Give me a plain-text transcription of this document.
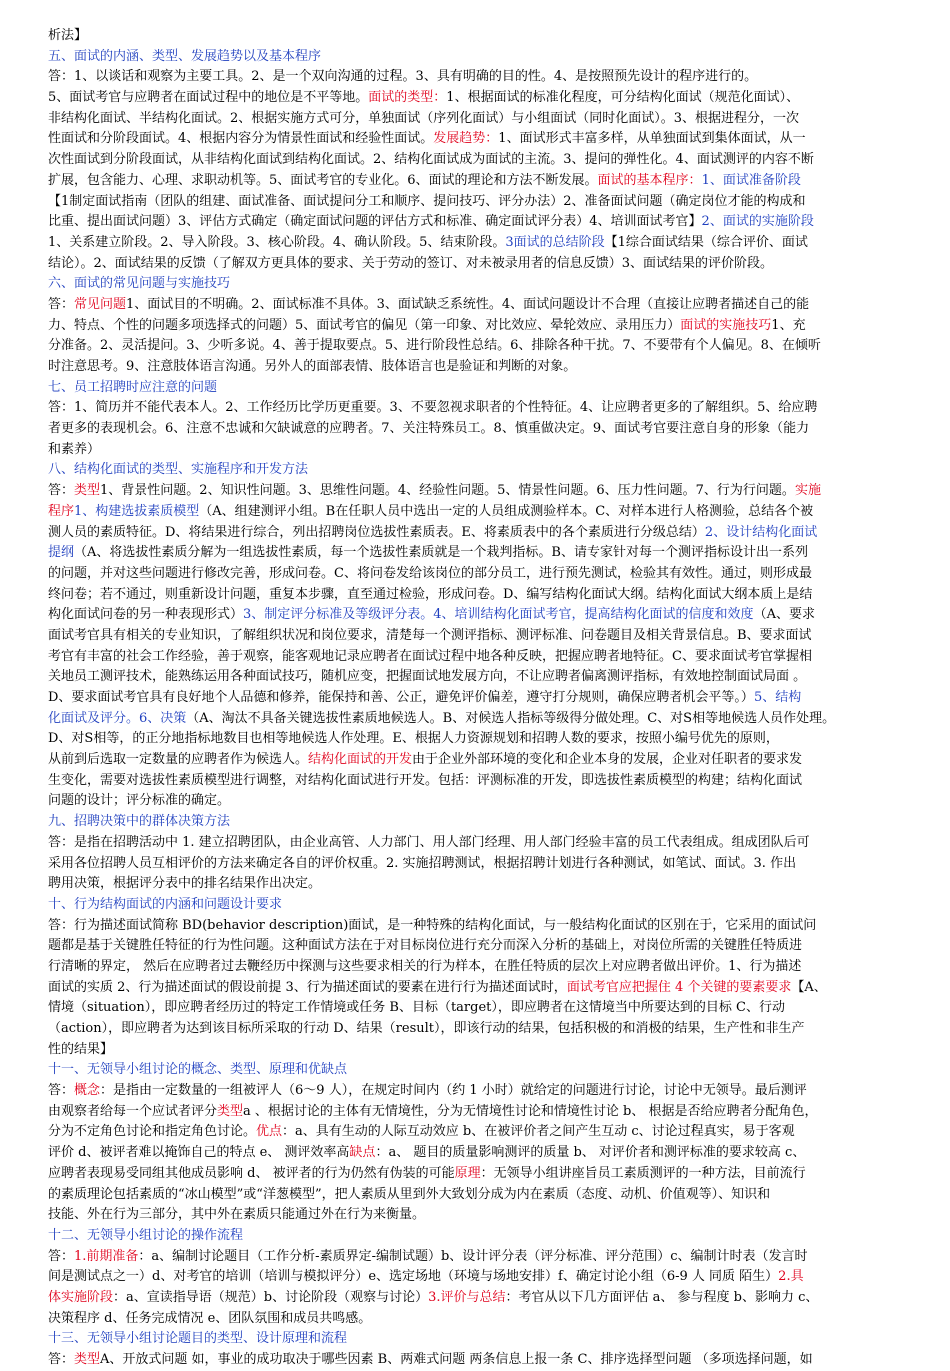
析法】
五、面试的内涵、类型、发展趋势以及基本程序
答：1、以谈话和观察为主要工具。2、是一个双向沟通的过程。3、具有明确的目的性。4、是按照预先设计的程序进行的。
5、面试考官与应聘者在面试过程中的地位是不平等地。面试的类型：1、根据面试的标准化程度，可分结构化面试（规范化面试）、
非结构化面试、半结构化面试。2、根据实施方式可分，单独面试（序列化面试）与小组面试（同时化面试）。3、根据进程分，一次
性面试和分阶段面试。4、根据内容分为情景性面试和经验性面试。发展趋势：1、面试形式丰富多样，从单独面试到集体面试，从一
次性面试到分阶段面试，从非结构化面试到结构化面试。2、结构化面试成为面试的主流。3、提问的弹性化。4、面试测评的内容不断
扩展，包含能力、心理、求职动机等。5、面试考官的专业化。6、面试的理论和方法不断发展。面试的基本程序：1、面试准备阶段
【1制定面试指南（团队的组建、面试准备、面试提问分工和顺序、提问技巧、评分办法）2、准备面试问题（确定岗位才能的构成和
比重、提出面试问题）3、评估方式确定（确定面试问题的评估方式和标准、确定面试评分表）4、培训面试考官】2、面试的实施阶段
1、关系建立阶段。2、导入阶段。3、核心阶段。4、确认阶段。5、结束阶段。3面试的总结阶段【1综合面试结果（综合评价、面试
结论）。2、面试结果的反馈（了解双方更具体的要求、关于劳动的签订、对未被录用者的信息反馈）3、面试结果的评价阶段。
六、面试的常见问题与实施技巧
答：常见问题1、面试目的不明确。2、面试标准不具体。3、面试缺乏系统性。4、面试问题设计不合理（直接让应聘者描述自己的能
力、特点、个性的问题多项选择式的问题）5、面试考官的偏见（第一印象、对比效应、晕轮效应、录用压力）面试的实施技巧1、充
分准备。2、灵活提问。3、少听多说。4、善于提取要点。5、进行阶段性总结。6、排除各种干扰。7、不要带有个人偏见。8、在倾听
时注意思考。9、注意肢体语言沟通。另外人的面部表情、肢体语言也是验证和判断的对象。
七、员工招聘时应注意的问题
答：1、简历并不能代表本人。2、工作经历比学历更重要。3、不要忽视求职者的个性特征。4、让应聘者更多的了解组织。5、给应聘
者更多的表现机会。6、注意不忠诚和欠缺诚意的应聘者。7、关注特殊员工。8、慎重做决定。9、面试考官要注意自身的形象（能力
和素养）
八、结构化面试的类型、实施程序和开发方法
答：类型1、背景性问题。2、知识性问题。3、思维性问题。4、经验性问题。5、情景性问题。6、压力性问题。7、行为行问题。实施
程序1、构建选拔素质模型（A、组建测评小组。B在任职人员中选出一定的人员组成测验样本。C、对样本进行人格测验，总结各个被
测人员的素质特征。D、将结果进行综合，列出招聘岗位选拔性素质表。E、将素质表中的各个素质进行分级总结）2、设计结构化面试
提纲（A、将选拔性素质分解为一组选拔性素质，每一个选拔性素质就是一个栽判指标。B、请专家针对每一个测评指标设计出一系列
的问题，并对这些问题进行修改完善，形成问卷。C、将问卷发给该岗位的部分员工，进行预先测试，检验其有效性。通过，则形成最
终问卷；若不通过，则重新设计问题，重复本步骤，直至通过检验，形成问卷。D、编写结构化面试大纲。结构化面试大纲本质上是结
构化面试问卷的另一种表现形式）3、制定评分标准及等级评分表。4、培训结构化面试考官，提高结构化面试的信度和效度（A、要求
面试考官具有相关的专业知识，了解组织状况和岗位要求，清楚每一个测评指标、测评标准、问卷题目及相关背景信息。B、要求面试
考官有丰富的社会工作经验，善于观察，能客观地记录应聘者在面试过程中地各种反映，把握应聘者地特征。C、要求面试考官掌握相
关地员工测评技术，能熟练运用各种面试技巧，随机应变，把握面试地发展方向，不让应聘者偏离测评指标，有效地控制面试局面 。
D、要求面试考官具有良好地个人品德和修养，能保持和善、公正，避免评价偏差，遵守打分规则，确保应聘者机会平等。）5、结构
化面试及评分。6、决策（A、淘汰不具备关键选拔性素质地候选人。B、对候选人指标等级得分做处理。C、对S相等地候选人员作处理。
D、对S相等，的正分地指标地数目也相等地候选人作处理。E、根据人力资源规划和招聘人数的要求，按照小编号优先的原则，
从前到后选取一定数量的应聘者作为候选人。结构化面试的开发由于企业外部环境的变化和企业本身的发展，企业对任职者的要求发
生变化，需要对选拔性素质模型进行调整，对结构化面试进行开发。包括：评测标准的开发，即选拔性素质模型的构建；结构化面试
问题的设计；评分标准的确定。
九、招聘决策中的群体决策方法
答：是指在招聘活动中 1. 建立招聘团队，由企业高管、人力部门、用人部门经理、用人部门经验丰富的员工代表组成。组成团队后可
采用各位招聘人员互相评价的方法来确定各自的评价权重。2. 实施招聘测试，根据招聘计划进行各种测试，如笔试、面试。3. 作出
聘用决策，根据评分表中的排名结果作出决定。
十、行为结构面试的内涵和问题设计要求
答：行为描述面试简称 BD(behavior description)面试，是一种特殊的结构化面试，与一般结构化面试的区别在于，它采用的面试问
题都是基于关键胜任特征的行为性问题。这种面试方法在于对目标岗位进行充分而深入分析的基础上，对岗位所需的关键胜任特质进
行清晰的界定， 然后在应聘者过去鞭经历中探测与这些要求相关的行为样本，在胜任特质的层次上对应聘者做出评价。1、行为描述
面试的实质 2、行为描述面试的假设前提 3、行为描述面试的要素在进行行为描述面试时，面试考官应把握住 4 个关键的要素要求【A、
情境（situation），即应聘者经历过的特定工作情境或任务 B、目标（target），即应聘者在这情境当中所要达到的目标 C、行动
（action），即应聘者为达到该目标所采取的行动 D、结果（result），即该行动的结果，包括积极的和消极的结果，生产性和非生产
性的结果】
十一、无领导小组讨论的概念、类型、原理和优缺点
答：概念：是指由一定数量的一组被评人（6～9 人），在规定时间内（约 1 小时）就给定的问题进行讨论，讨论中无领导。最后测评
由观察者给每一个应试者评分类型a 、根据讨论的主体有无情境性，分为无情境性讨论和情境性讨论 b、 根据是否给应聘者分配角色，
分为不定角色讨论和指定角色讨论。优点：a、具有生动的人际互动效应 b、在被评价者之间产生互动 c、讨论过程真实，易于客观
评价 d、被评者难以掩饰自己的特点 e、 测评效率高缺点：a、 题目的质量影响测评的质量 b、 对评价者和测评标准的要求较高 c、
应聘者表现易受同组其他成员影响 d、 被评者的行为仍然有伪装的可能原理：无领导小组讲座旨员工素质测评的一种方法，目前流行
的素质理论包括素质的“冰山模型”或“洋葱模型”，把人素质从里到外大致划分成为内在素质（态度、动机、价值观等）、知识和
技能、外在行为三部分，其中外在素质只能通过外在行为来衡量。
十二、无领导小组讨论的操作流程
答：1.前期准备：a、编制讨论题目（工作分析-素质界定-编制试题）b、设计评分表（评分标准、评分范围）c、编制计时表（发言时
间是测试点之一）d、对考官的培训（培训与模拟评分）e、选定场地（环境与场地安排）f、确定讨论小组（6-9 人 同质 陌生）2.具
体实施阶段：a、宣读指导语（规范）b、讨论阶段（观察与讨论）3.评价与总结：考官从以下几方面评估 a、 参与程度 b、影响力 c、
决策程序 d、任务完成情况 e、团队氛围和成员共鸣感。
十三、无领导小组讨论题目的类型、设计原理和流程
答：类型A、开放式问题 如，事业的成功取决于哪些因素 B、两难式问题 两条信息上报一条 C、排序选择型问题 （多项选择问题，如
